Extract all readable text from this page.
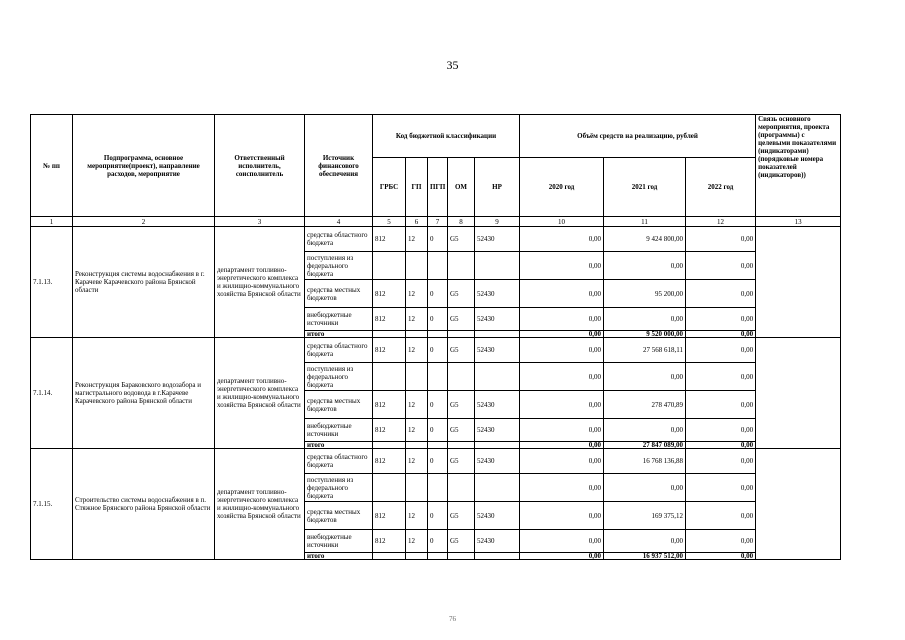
35
№ пп	Подпрограмма, основное мероприятие(проект), направление расходов, мероприятие	Ответственный исполнитель, соисполнитель	Источник финансового обеспечения	Код бюджетной классификации					Объём средств на реализацию, рублей			Связь основного мероприятия, проекта (программы) с целевыми показателями (индикаторами) (порядковые номера показателей (индикаторов))
				ГРБС	ГП	ПГП	ОМ	НР	2020 год	2021 год	2022 год	
1	2	3	4	5	6	7	8	9	10	11	12	13
7.1.13.	Реконструкция системы водоснабжения в г. Карачеве Карачевского района Брянской области	департамент топливно-энергетического комплекса и жилищно-коммунального хозяйства Брянской области	средства областного бюджета	812	12	0	G5	52430	0,00	9 424 800,00	0,00	
			поступления из федерального бюджета						0,00	0,00	0,00	
			средства местных бюджетов	812	12	0	G5	52430	0,00	95 200,00	0,00	
			внебюджетные источники	812	12	0	G5	52430	0,00	0,00	0,00	
			итого						0,00	9 520 000,00	0,00	
7.1.14.	Реконструкция Бараковского водозабора и магистрального водовода в г.Карачеве Карачевского района Брянской области	департамент топливно-энергетического комплекса и жилищно-коммунального хозяйства Брянской области	средства областного бюджета	812	12	0	G5	52430	0,00	27 568 618,11	0,00	
			поступления из федерального бюджета						0,00	0,00	0,00	
			средства местных бюджетов	812	12	0	G5	52430	0,00	278 470,89	0,00	
			внебюджетные источники	812	12	0	G5	52430	0,00	0,00	0,00	
			итого						0,00	27 847 089,00	0,00	
7.1.15.	Строительство системы водоснабжения в п. Стяжное Брянского района Брянской области	департамент топливно-энергетического комплекса и жилищно-коммунального хозяйства Брянской области	средства областного бюджета	812	12	0	G5	52430	0,00	16 768 136,88	0,00	
			поступления из федерального бюджета						0,00	0,00	0,00	
			средства местных бюджетов	812	12	0	G5	52430	0,00	169 375,12	0,00	
			внебюджетные источники	812	12	0	G5	52430	0,00	0,00	0,00	
			итого						0,00	16 937 512,00	0,00	
76
